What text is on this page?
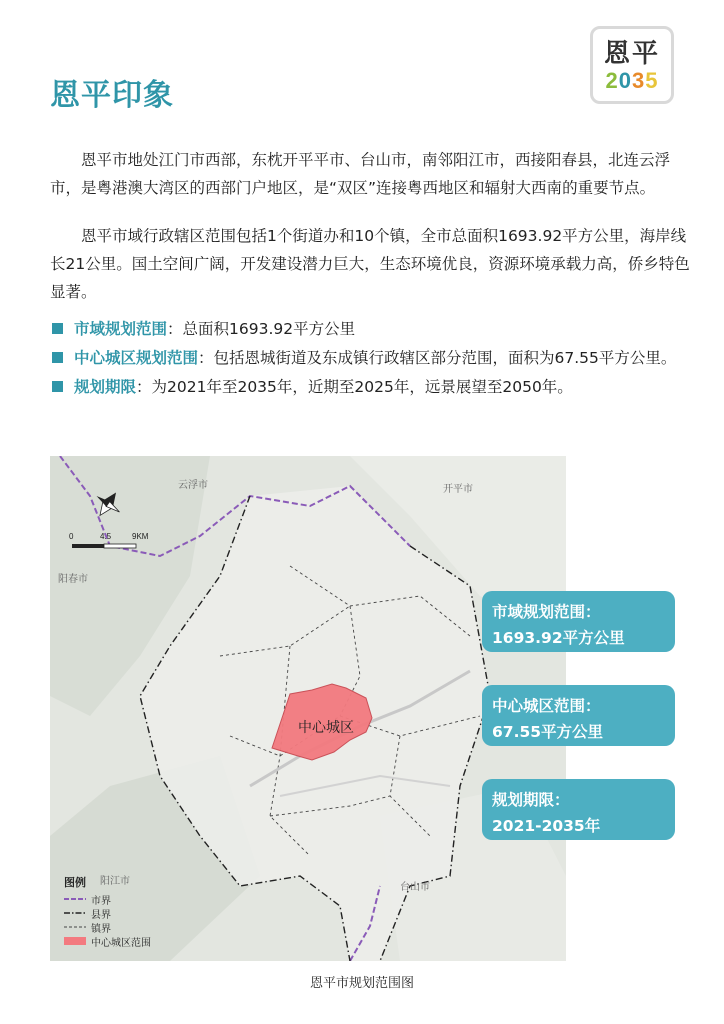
恩平印象
恩平
2035

恩平市地处江门市西部，东枕开平平市、台山市，南邻阳江市，西接阳春县，北连云浮市，是粤港澳大湾区的西部门户地区，是“双区”连接粤西地区和辐射大西南的重要节点。

恩平市域行政辖区范围包括1个街道办和10个镇，全市总面积1693.92平方公里，海岸线长21公里。国土空间广阔，开发建设潜力巨大，生态环境优良，资源环境承载力高，侨乡特色显著。

市域规划范围：总面积1693.92平方公里
中心城区规划范围：包括恩城街道及东成镇行政辖区部分范围，面积为67.55平方公里。
规划期限：为2021年至2035年，近期至2025年，远景展望至2050年。
0	4.5	9KM
云浮市	开平市
阳春市
阳江市
台山市
中心城区
图例
市界
县界
镇界
中心城区范围
市域规划范围：
1693.92平方公里
中心城区范围：
67.55平方公里
规划期限：
2021-2035年
恩平市规划范围图
